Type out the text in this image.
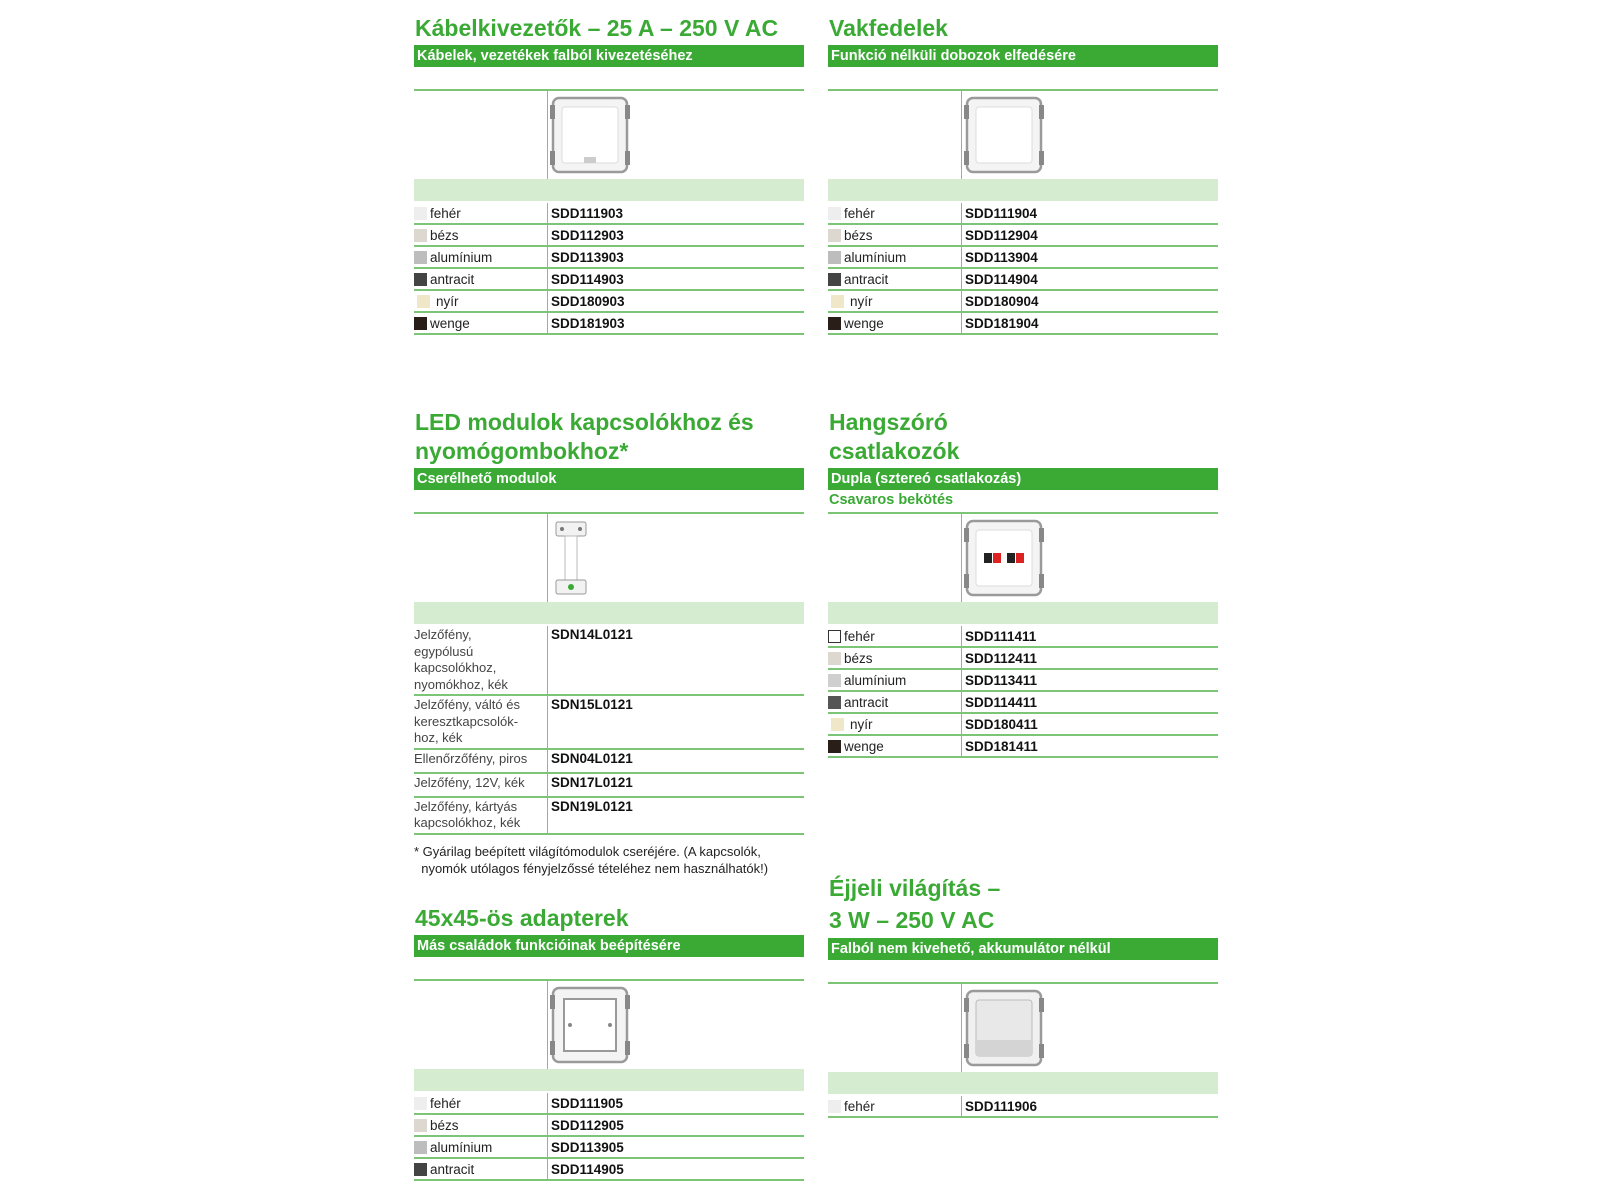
Kábelkivezetők – 25 A – 250 V AC
Kábelek, vezetékek falból kivezetéséhez
fehér	SDD111903
bézs	SDD112903
alumínium	SDD113903
antracit	SDD114903
nyír	SDD180903
wenge	SDD181903
Vakfedelek
Funkció nélküli dobozok elfedésére
fehér	SDD111904
bézs	SDD112904
alumínium	SDD113904
antracit	SDD114904
nyír	SDD180904
wenge	SDD181904
LED modulok kapcsolókhoz és
nyomógombokhoz*
Cserélhető modulok
Jelzőfény,
egypólusú
kapcsolókhoz,
nyomókhoz, kék	SDN14L0121
Jelzőfény, váltó és
keresztkapcsolók-
hoz, kék	SDN15L0121
Ellenőrzőfény, piros	SDN04L0121
Jelzőfény, 12V, kék	SDN17L0121
Jelzőfény, kártyás
kapcsolókhoz, kék	SDN19L0121
* Gyárilag beépített világítómodulok cseréjére. (A kapcsolók,
nyomók utólagos fényjelzőssé tételéhez nem használhatók!)
Hangszóró
csatlakozók
Dupla (sztereó csatlakozás)
Csavaros bekötés
fehér	SDD111411
bézs	SDD112411
alumínium	SDD113411
antracit	SDD114411
nyír	SDD180411
wenge	SDD181411
45x45-ös adapterek
Más családok funkcióinak beépítésére
fehér	SDD111905
bézs	SDD112905
alumínium	SDD113905
antracit	SDD114905
Éjjeli világítás –
3 W – 250 V AC
Falból nem kivehető, akkumulátor nélkül
fehér	SDD111906
